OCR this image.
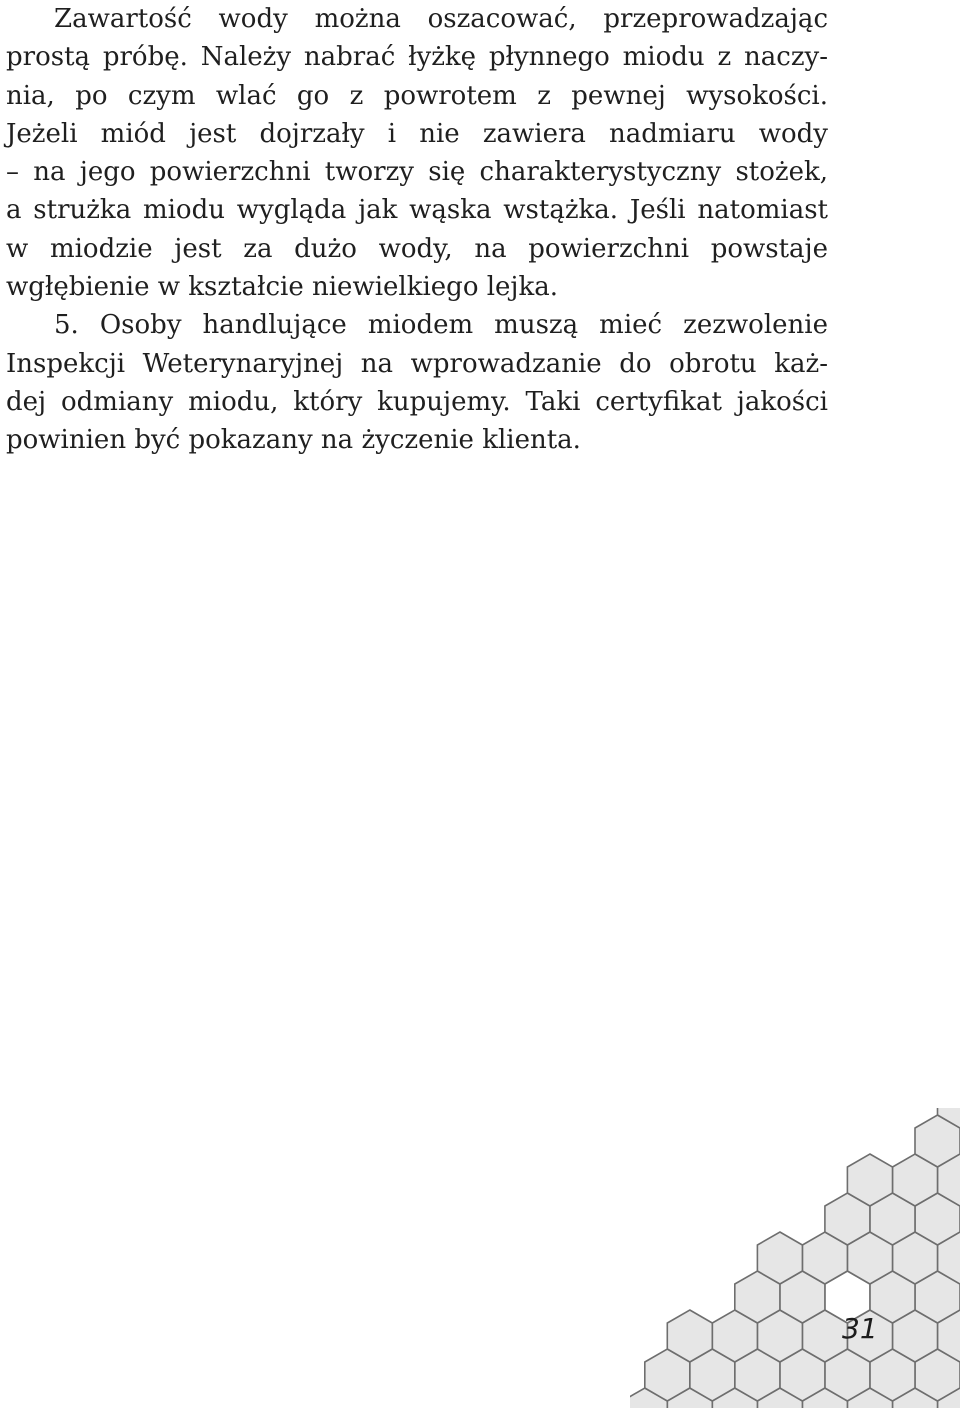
Zawartość wody można oszacować, przeprowadzając
prostą próbę. Należy nabrać łyżkę płynnego miodu z naczy-
nia, po czym wlać go z powrotem z pewnej wysokości.
Jeżeli miód jest dojrzały i nie zawiera nadmiaru wody
– na jego powierzchni tworzy się charakterystyczny stożek,
a strużka miodu wygląda jak wąska wstążka. Jeśli natomiast
w miodzie jest za dużo wody, na powierzchni powstaje
wgłębienie w kształcie niewielkiego lejka.
5. Osoby handlujące miodem muszą mieć zezwolenie
Inspekcji Weterynaryjnej na wprowadzanie do obrotu każ-
dej odmiany miodu, który kupujemy. Taki certyfikat jakości
powinien być pokazany na życzenie klienta.
31
